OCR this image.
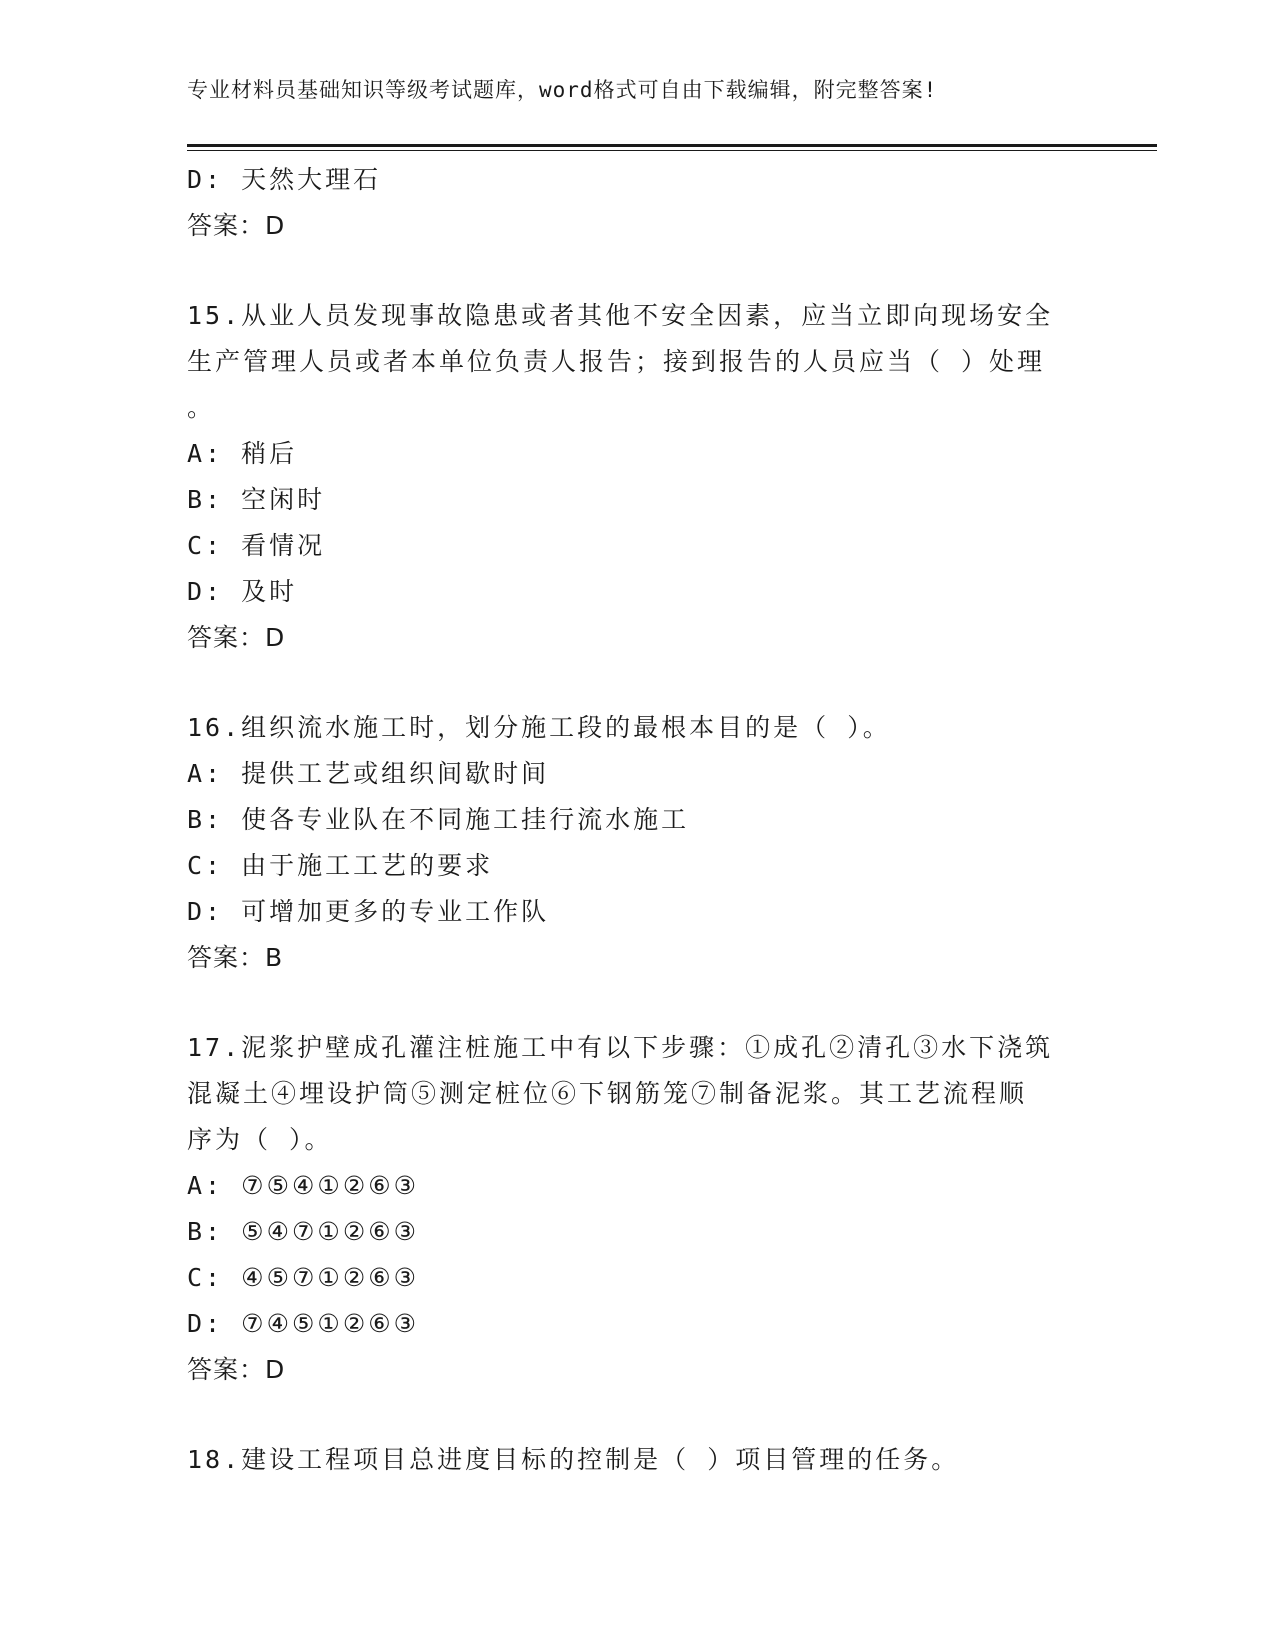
专业材料员基础知识等级考试题库，word格式可自由下载编辑，附完整答案!
D: 天然大理石
答案：D
15.从业人员发现事故隐患或者其他不安全因素，应当立即向现场安全
生产管理人员或者本单位负责人报告；接到报告的人员应当（ ）处理
。
A: 稍后
B: 空闲时
C: 看情况
D: 及时
答案：D
16.组织流水施工时，划分施工段的最根本目的是（ ）。
A: 提供工艺或组织间歇时间
B: 使各专业队在不同施工挂行流水施工
C: 由于施工工艺的要求
D: 可增加更多的专业工作队
答案：B
17.泥浆护壁成孔灌注桩施工中有以下步骤：①成孔②清孔③水下浇筑
混凝土④埋设护筒⑤测定桩位⑥下钢筋笼⑦制备泥浆。其工艺流程顺
序为（ ）。
A: ⑦⑤④①②⑥③
B: ⑤④⑦①②⑥③
C: ④⑤⑦①②⑥③
D: ⑦④⑤①②⑥③
答案：D
18.建设工程项目总进度目标的控制是（ ）项目管理的任务。
